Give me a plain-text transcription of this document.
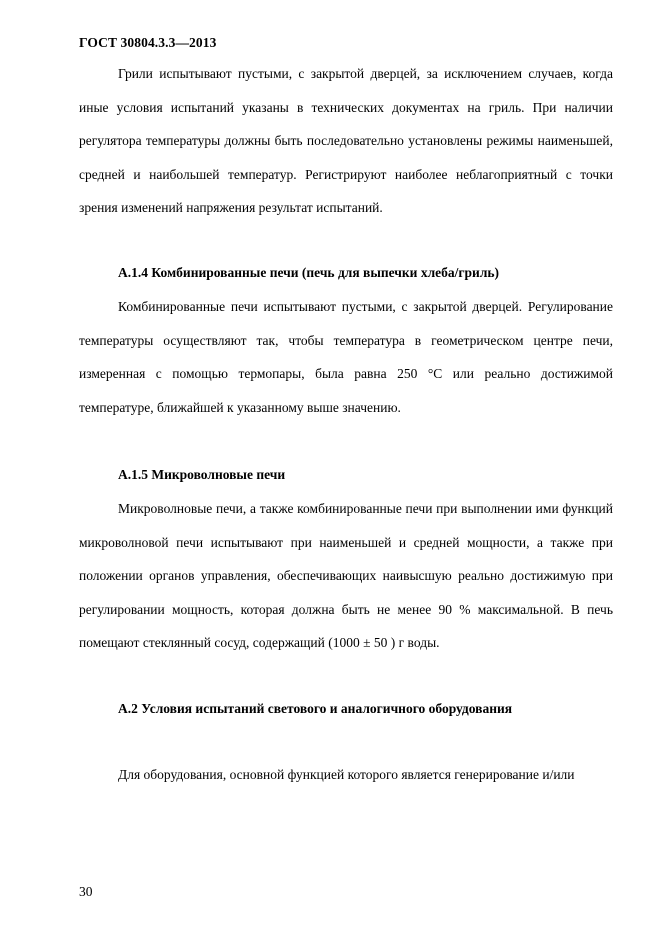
ГОСТ 30804.3.3—2013

Грили испытывают пустыми, с закрытой дверцей, за исключением случаев, когда иные условия испытаний указаны в технических документах на гриль. При наличии регулятора температуры должны быть последовательно установлены режимы наименьшей, средней и наибольшей температур. Регистрируют наиболее неблагоприятный с точки зрения изменений напряжения результат испытаний.

А.1.4 Комбинированные печи (печь для выпечки хлеба/гриль)

Комбинированные печи испытывают пустыми, с закрытой дверцей. Регулирование температуры осуществляют так, чтобы температура в геометрическом центре печи, измеренная с помощью термопары, была равна 250 °С или реально достижимой температуре, ближайшей к указанному выше значению.

А.1.5 Микроволновые печи

Микроволновые печи, а также комбинированные печи при выполнении ими функций микроволновой печи испытывают при наименьшей и средней мощности, а также при положении органов управления, обеспечивающих наивысшую реально достижимую при регулировании мощность, которая должна быть не менее 90 % максимальной. В печь помещают стеклянный сосуд, содержащий (1000 ± 50 ) г воды.

А.2 Условия испытаний светового и аналогичного оборудования

Для оборудования, основной функцией которого является генерирование и/или

30
